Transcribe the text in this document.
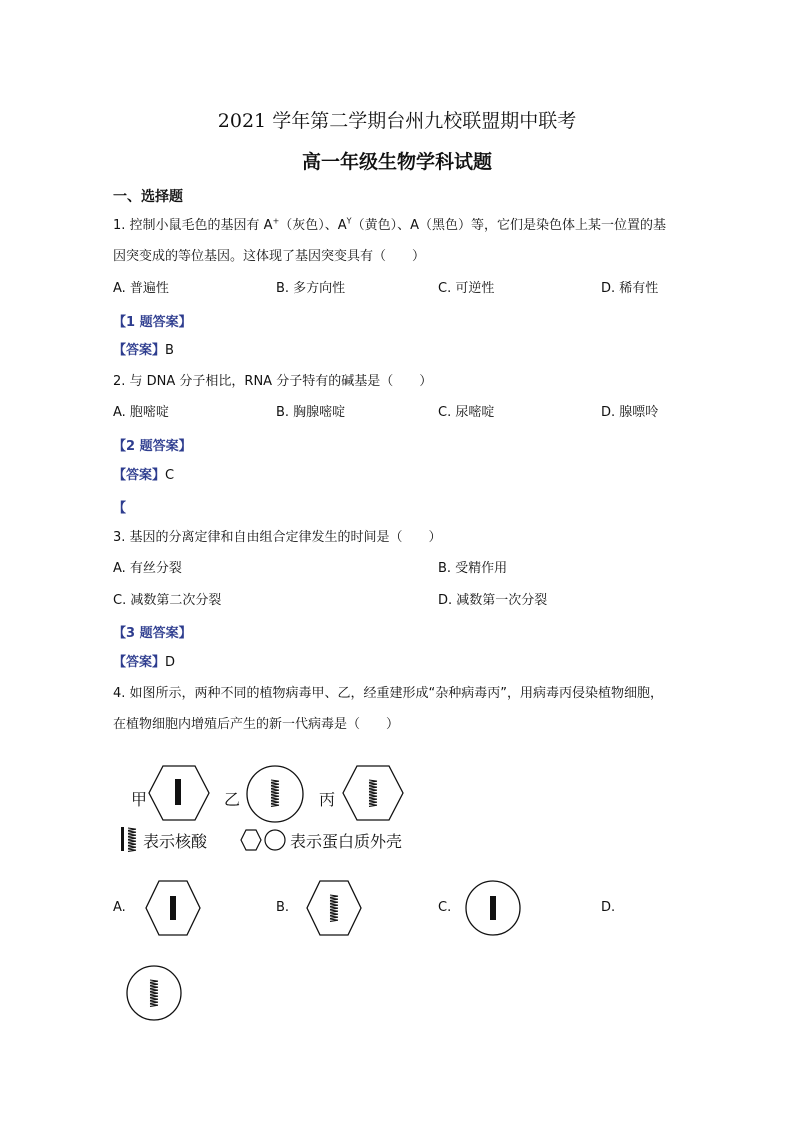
2021 学年第二学期台州九校联盟期中联考
高一年级生物学科试题
一、选择题
1. 控制小鼠毛色的基因有 A+（灰色）、$A^Y$（黄色）、A（黑色）等，它们是染色体上某一位置的基
因突变成的等位基因。这体现了基因突变具有（　　）
A. 普遍性	B. 多方向性	C. 可逆性	D. 稀有性
【1 题答案】
【答案】B
2. 与 DNA 分子相比，RNA 分子特有的碱基是（　　）
A. 胞嘧啶	B. 胸腺嘧啶	C. 尿嘧啶	D. 腺嘌呤
【2 题答案】
【答案】C
【
3. 基因的分离定律和自由组合定律发生的时间是（　　）
A. 有丝分裂	B. 受精作用
C. 减数第二次分裂	D. 减数第一次分裂
【3 题答案】
【答案】D
4. 如图所示，两种不同的植物病毒甲、乙，经重建形成“杂种病毒丙”，用病毒丙侵染植物细胞，
在植物细胞内增殖后产生的新一代病毒是（　　）
甲	乙	丙
表示核酸	表示蛋白质外壳
A.	B.	C.	D.
